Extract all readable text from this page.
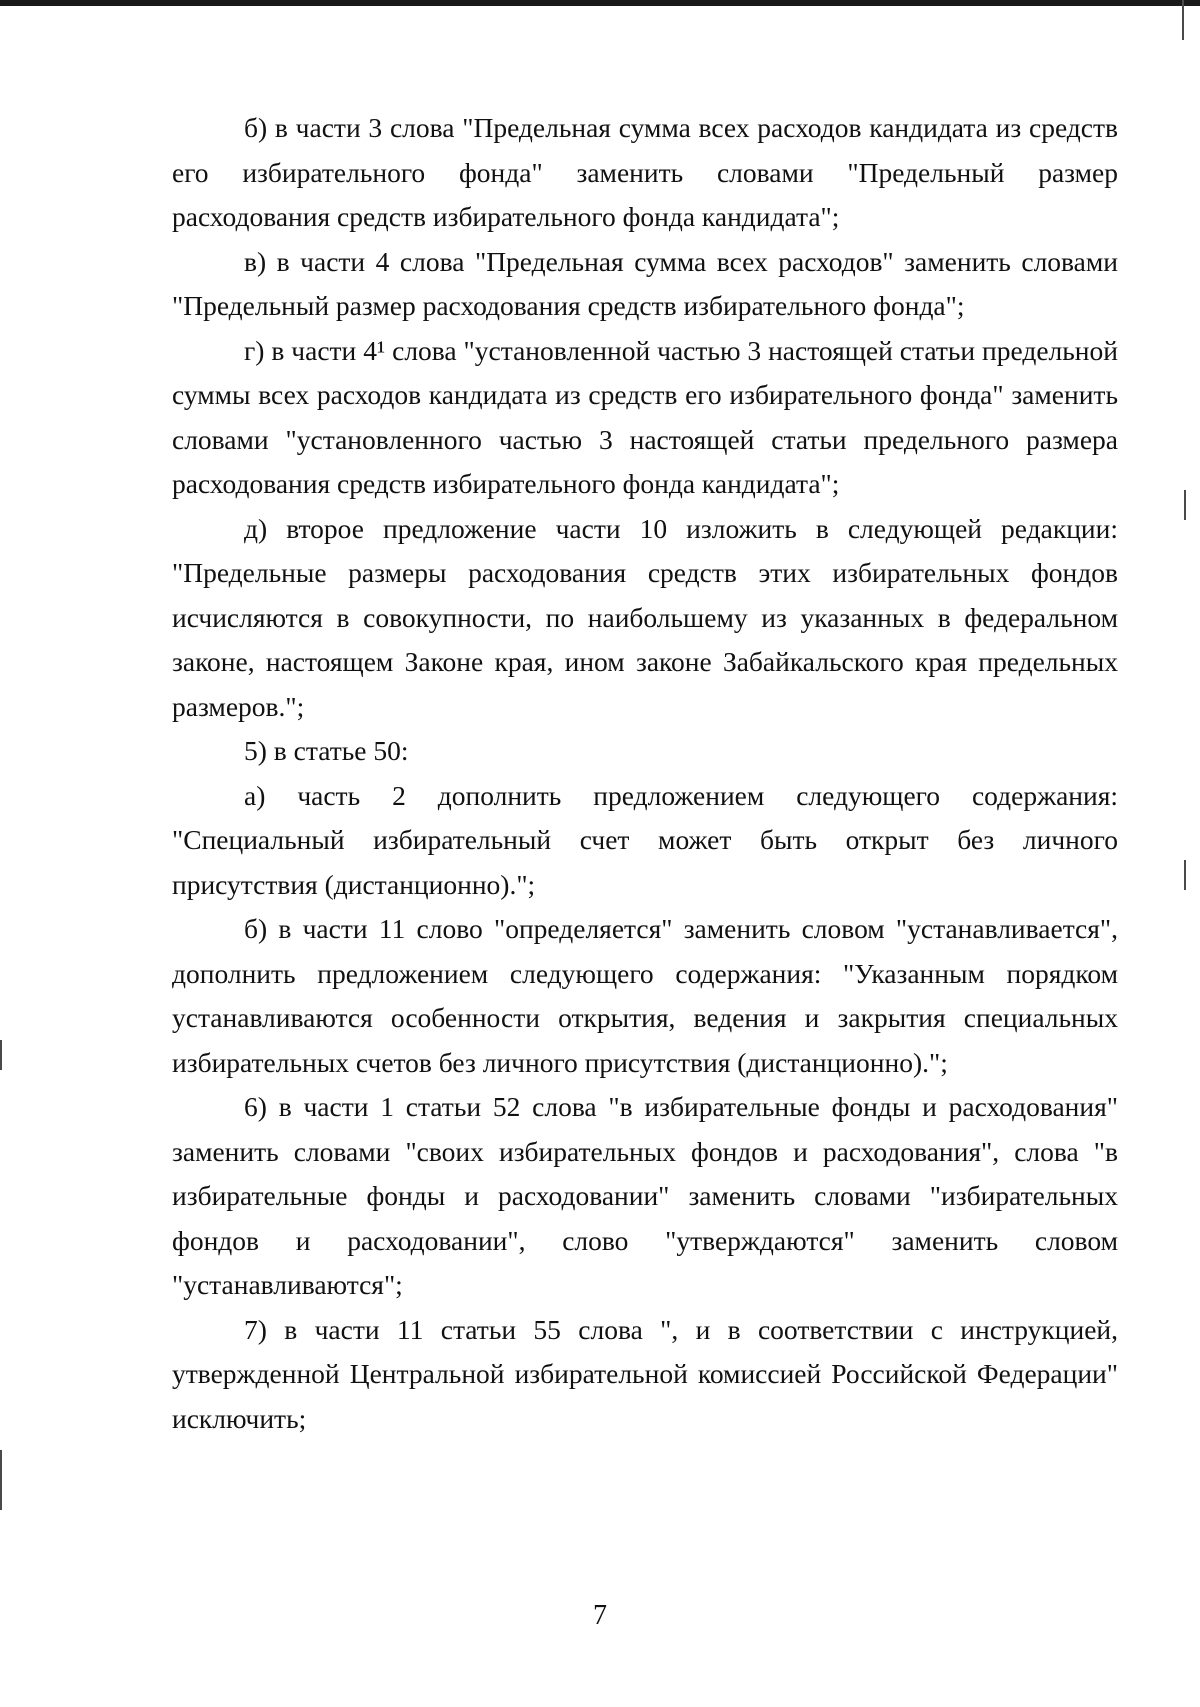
б) в части 3 слова "Предельная сумма всех расходов кандидата из средств его избирательного фонда" заменить словами "Предельный размер расходования средств избирательного фонда кандидата";

в) в части 4 слова "Предельная сумма всех расходов" заменить словами "Предельный размер расходования средств избирательного фонда";

г) в части 4¹ слова "установленной частью 3 настоящей статьи предельной суммы всех расходов кандидата из средств его избирательного фонда" заменить словами "установленного частью 3 настоящей статьи предельного размера расходования средств избирательного фонда кандидата";

д) второе предложение части 10 изложить в следующей редакции: "Предельные размеры расходования средств этих избирательных фондов исчисляются в совокупности, по наибольшему из указанных в федеральном законе, настоящем Законе края, ином законе Забайкальского края предельных размеров.";

5) в статье 50:

а) часть 2 дополнить предложением следующего содержания: "Специальный избирательный счет может быть открыт без личного присутствия (дистанционно).";

б) в части 11 слово "определяется" заменить словом "устанавливается", дополнить предложением следующего содержания: "Указанным порядком устанавливаются особенности открытия, ведения и закрытия специальных избирательных счетов без личного присутствия (дистанционно).";

6) в части 1 статьи 52 слова "в избирательные фонды и расходования" заменить словами "своих избирательных фондов и расходования", слова "в избирательные фонды и расходовании" заменить словами "избирательных фондов и расходовании", слово "утверждаются" заменить словом "устанавливаются";

7) в части 11 статьи 55 слова ", и в соответствии с инструкцией, утвержденной Центральной избирательной комиссией Российской Федерации" исключить;

7
